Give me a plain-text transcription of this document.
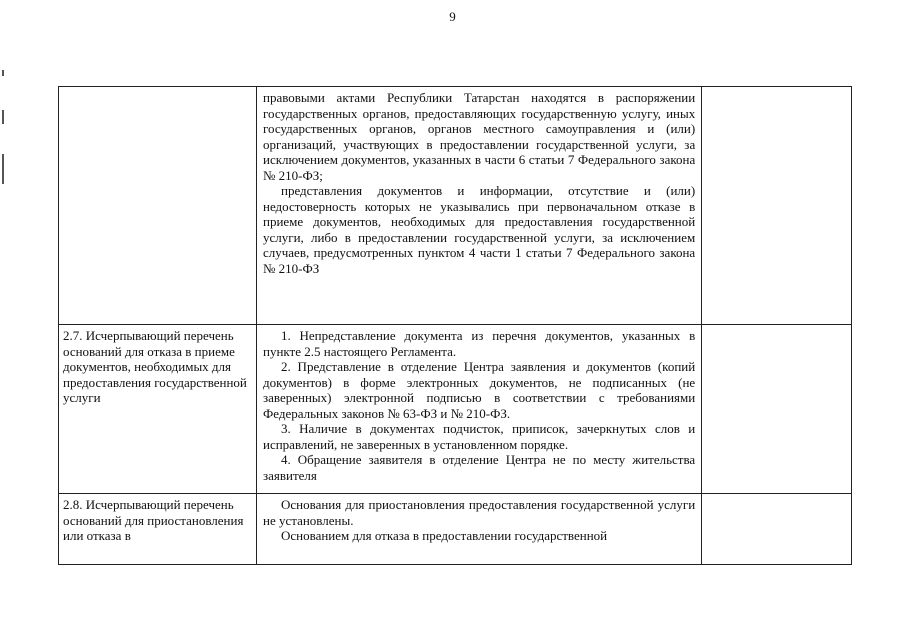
9

	правовыми актами Республики Татарстан находятся в распоряжении государственных органов, предоставляющих государственную услугу, иных государственных органов, органов местного самоуправления и (или) организаций, участвующих в предоставлении государственной услуги, за исключением документов, указанных в части 6 статьи 7 Федерального закона № 210-ФЗ;

представления документов и информации, отсутствие и (или) недостоверность которых не указывались при первоначальном отказе в приеме документов, необходимых для предоставления государственной услуги, либо в предоставлении государственной услуги, за исключением случаев, предусмотренных пунктом 4 части 1 статьи 7 Федерального закона № 210-ФЗ	

2.7. Исчерпывающий перечень оснований для отказа в приеме документов, необходимых для предоставления государственной услуги	1. Непредставление документа из перечня документов, указанных в пункте 2.5 настоящего Регламента.

2. Представление в отделение Центра заявления и документов (копий документов) в форме электронных документов, не подписанных (не заверенных) электронной подписью в соответствии с требованиями Федеральных законов № 63-ФЗ и № 210-ФЗ.

3. Наличие в документах подчисток, приписок, зачеркнутых слов и исправлений, не заверенных в установленном порядке.

4. Обращение заявителя в отделение Центра не по месту жительства заявителя	

2.8. Исчерпывающий перечень оснований для приостановления или отказа в	Основания для приостановления предоставления государственной услуги не установлены.

Основанием для отказа в предоставлении государственной	
